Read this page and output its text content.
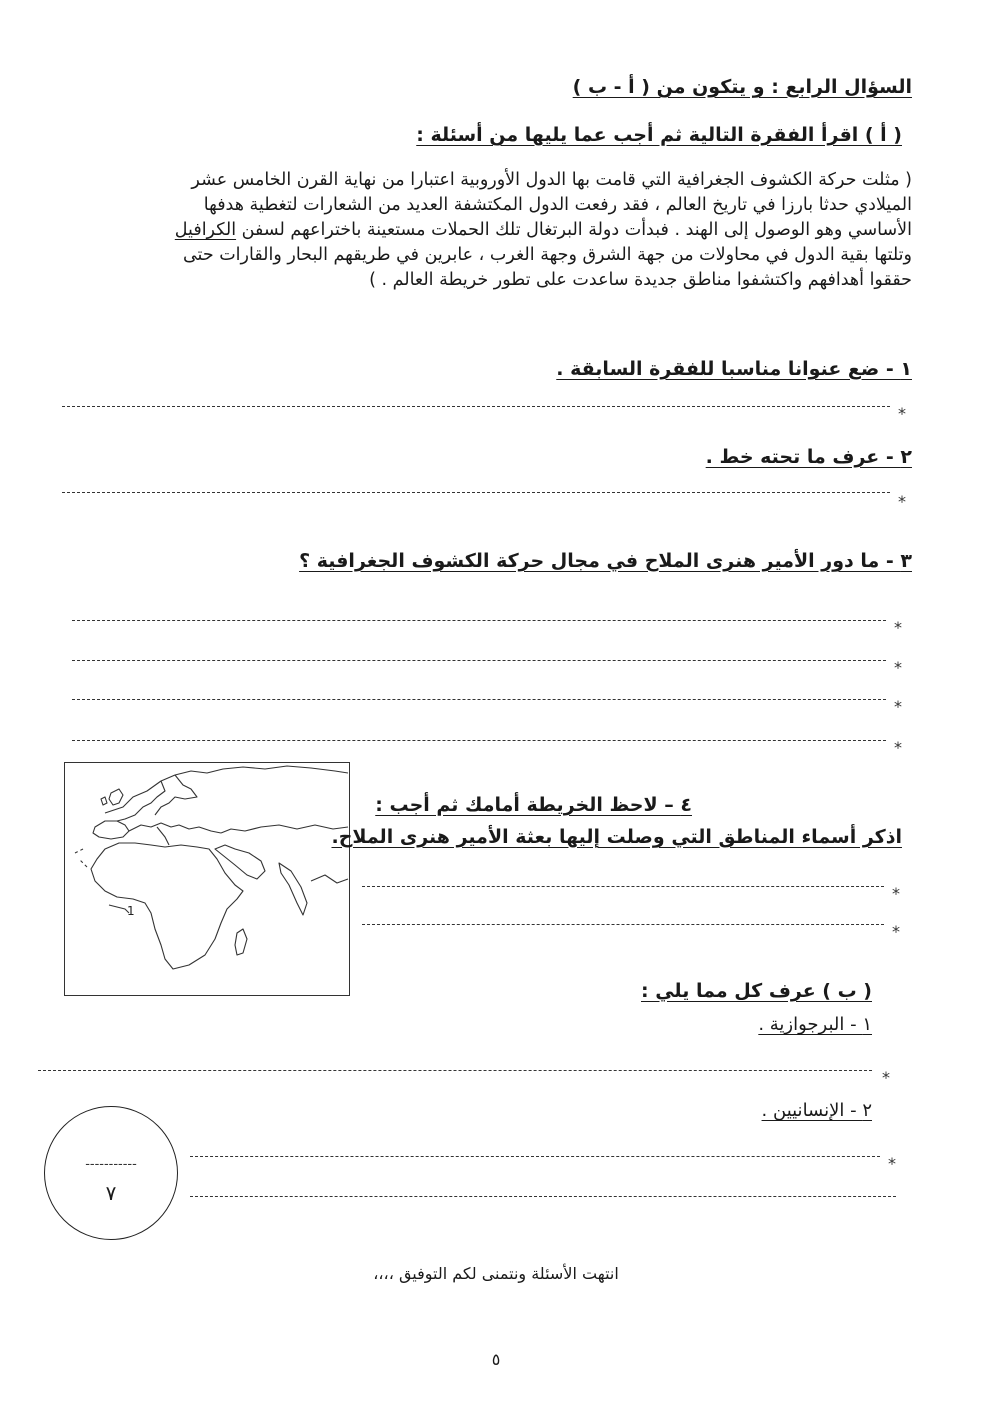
السؤال الرابع : و يتكون من ( أ - ب )
( أ ) اقرأ الفقرة التالية ثم أجب عما يليها من أسئلة :

( مثلت حركة الكشوف الجغرافية التي قامت بها الدول الأوروبية اعتبارا من نهاية القرن الخامس عشر

الميلادي حدثا بارزا في تاريخ العالم ، فقد رفعت الدول المكتشفة العديد من الشعارات لتغطية هدفها

الأساسي وهو الوصول إلى الهند . فبدأت دولة البرتغال تلك الحملات مستعينة باختراعهم لسفن الكرافيل

وتلتها بقية الدول في محاولات من جهة الشرق وجهة الغرب ، عابرين في طريقهم البحار والقارات حتى

حققوا أهدافهم واكتشفوا مناطق جديدة ساعدت على تطور خريطة العالم . )

١ - ضع عنوانا مناسبا للفقرة السابقة .
*
٢ - عرف ما تحته خط .
*
٣ - ما دور الأمير هنرى الملاح في مجال حركة الكشوف الجغرافية ؟
*
*
*
*
1
٤ – لاحظ الخريطة أمامك ثم أجب :
اذكر أسماء المناطق التي وصلت إليها بعثة الأمير هنرى الملاح.
*
*
( ب ) عرف كل مما يلي :
١ - البرجوازية .
*
٢ - الإنسانيين .
*
-----------
٧
انتهت الأسئلة ونتمنى لكم التوفيق ،،،،
٥
